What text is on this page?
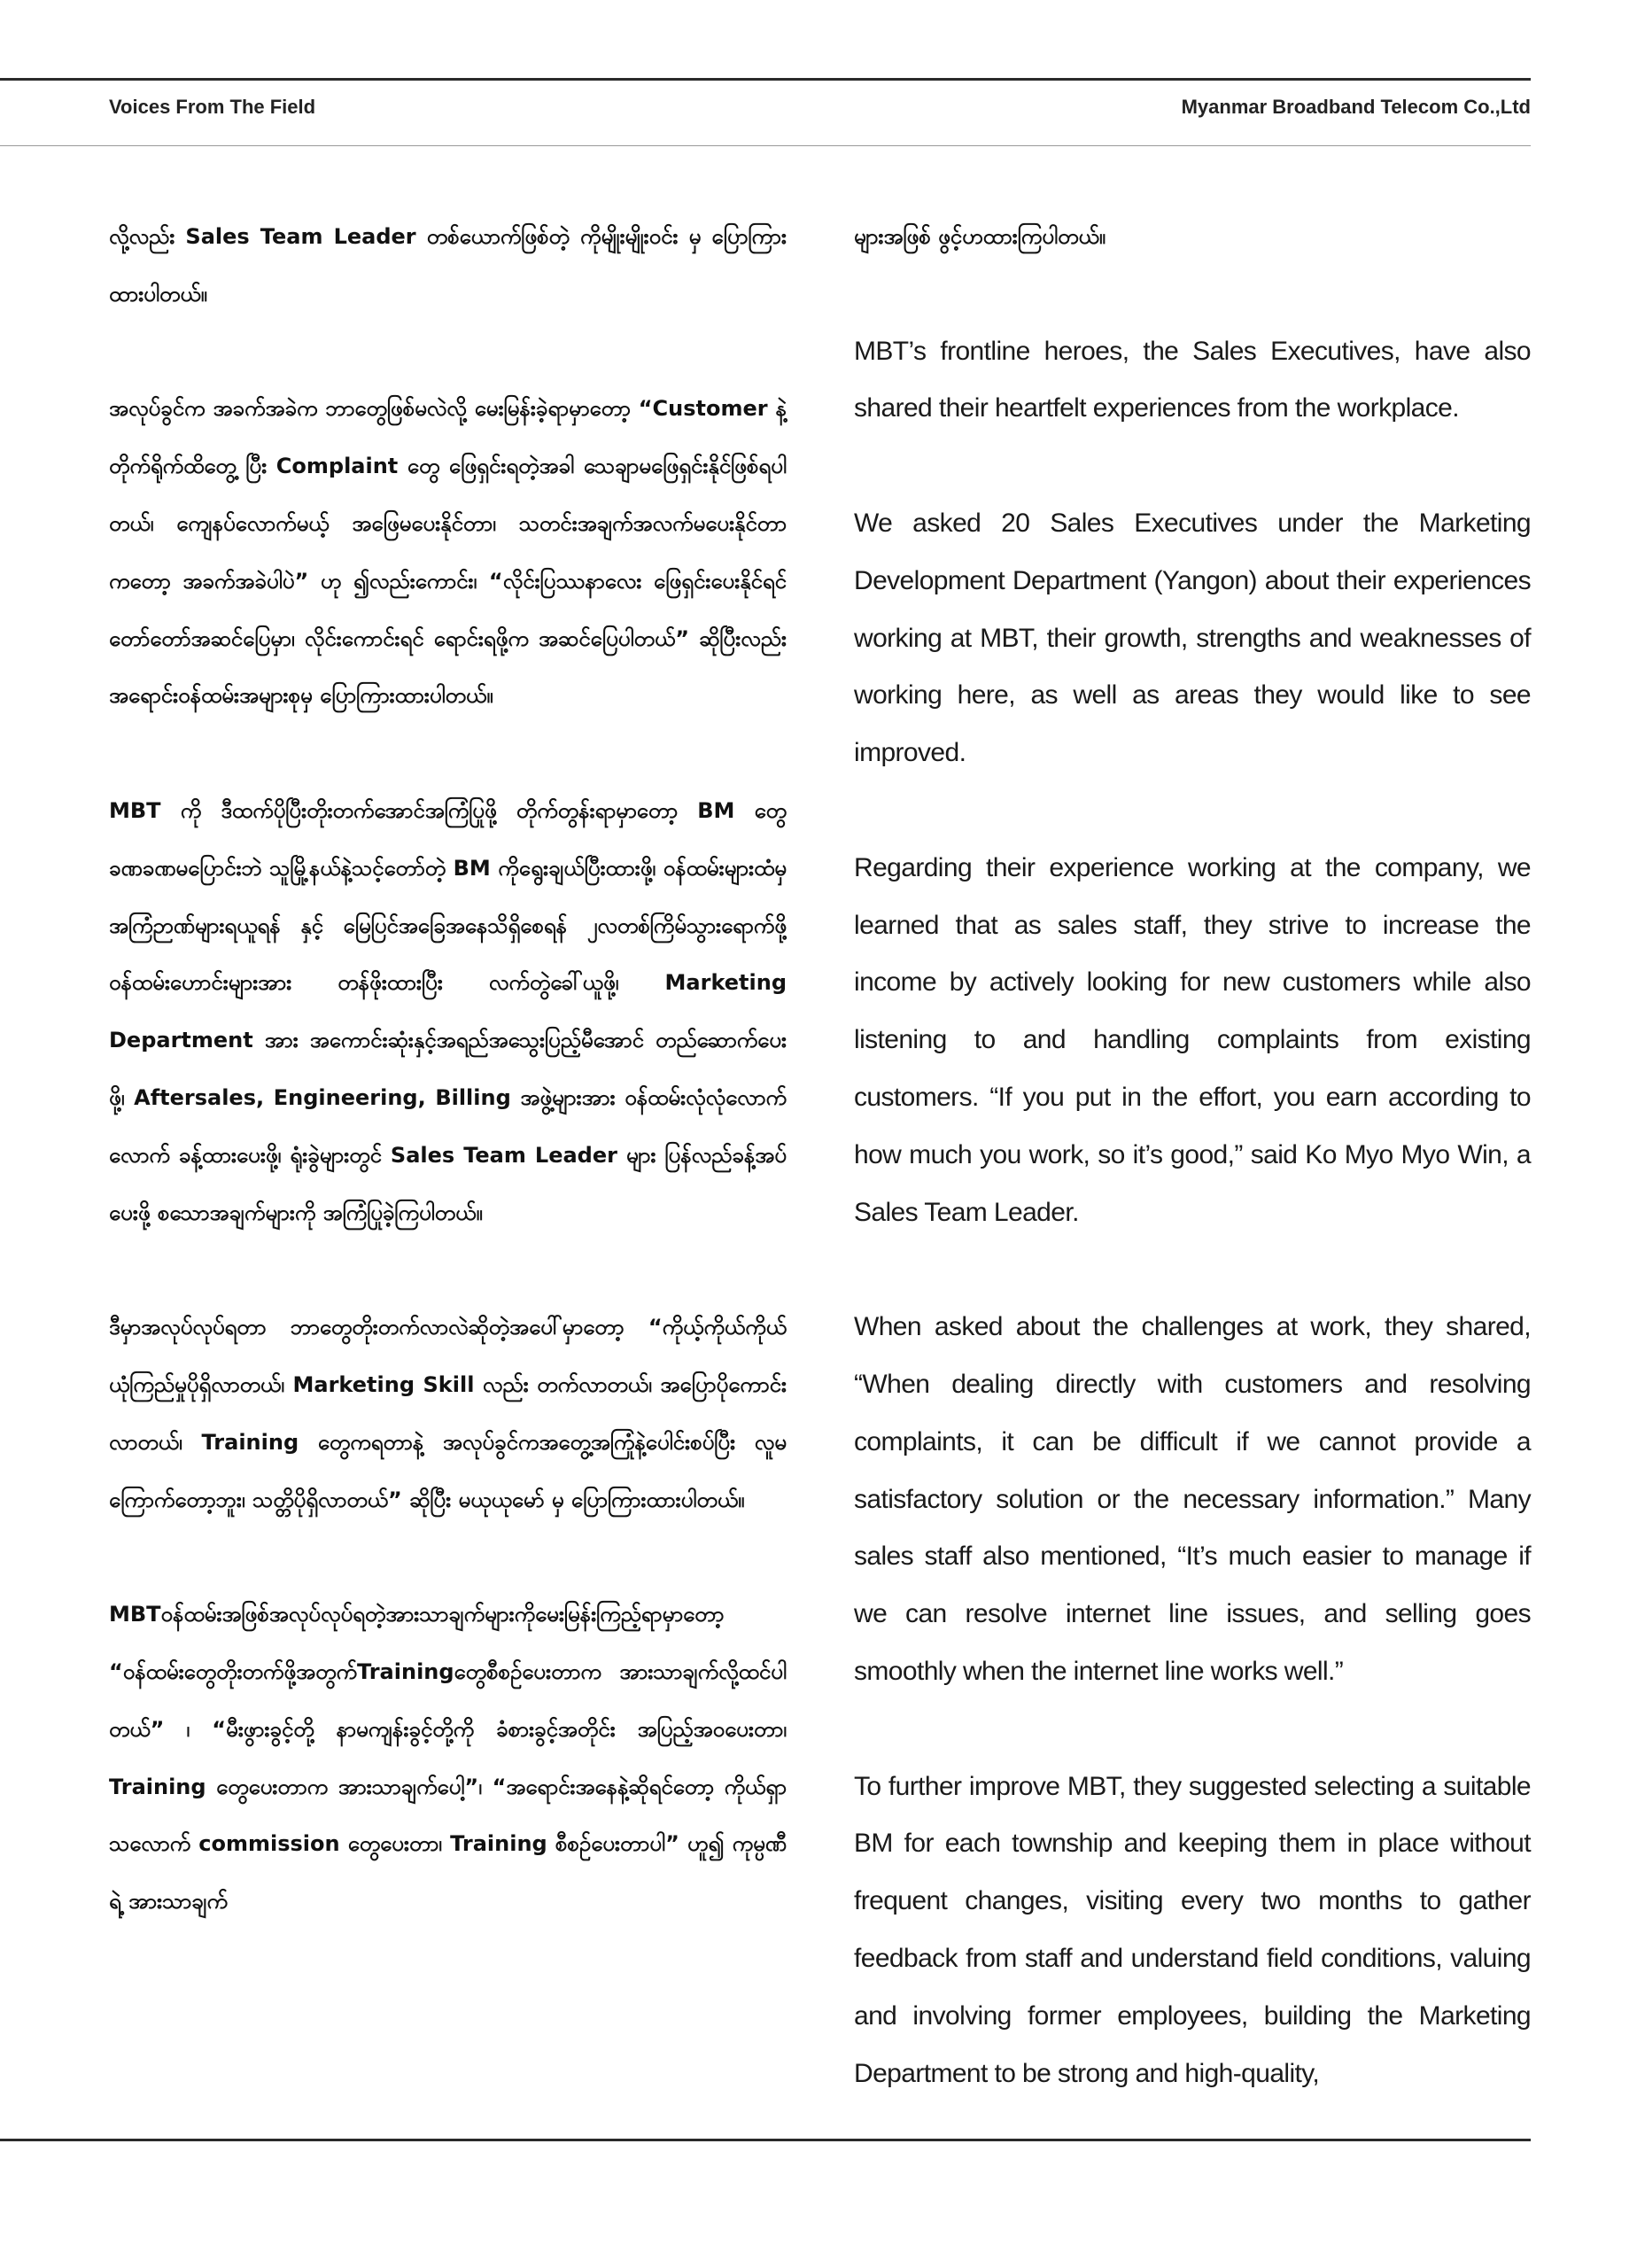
Voices From The Field	Myanmar Broadband Telecom Co.,Ltd

လို့လည်း Sales Team Leader တစ်ယောက်ဖြစ်တဲ့ ကိုမျိုးမျိုးဝင်း မှ ပြောကြားထားပါတယ်။

အလုပ်ခွင်က အခက်အခဲက ဘာတွေဖြစ်မလဲလို့ မေးမြန်းခဲ့ရာမှာတော့ “Customer နဲ့ တိုက်ရိုက်ထိတွေ့ ပြီး Complaint တွေ ဖြေရှင်းရတဲ့အခါ သေချာမဖြေရှင်းနိုင်ဖြစ်ရပါတယ်၊ ကျေနပ်လောက်မယ့် အဖြေမပေးနိုင်တာ၊ သတင်းအချက်အလက်မပေးနိုင်တာကတော့ အခက်အခဲပါပဲ” ဟု ၍လည်းကောင်း၊ “လိုင်းပြဿနာလေး ဖြေရှင်းပေးနိုင်ရင် တော်တော်အဆင်ပြေမှာ၊ လိုင်းကောင်းရင် ရောင်းရဖို့က အဆင်ပြေပါတယ်” ဆိုပြီးလည်း အရောင်းဝန်ထမ်းအများစုမှ ပြောကြားထားပါတယ်။

MBT ကို ဒီထက်ပိုပြီးတိုးတက်အောင်အကြံပြုဖို့ တိုက်တွန်းရာမှာတော့ BM တွေခဏခဏမပြောင်းဘဲ သူမြို့နယ်နဲ့သင့်တော်တဲ့ BM ကိုရွေးချယ်ပြီးထားဖို့၊ ဝန်ထမ်းများထံမှ အကြံဉာဏ်များရယူရန် နှင့် မြေပြင်အခြေအနေသိရှိစေရန် ၂လတစ်ကြိမ်သွားရောက်ဖို့ ဝန်ထမ်းဟောင်းများအား တန်ဖိုးထားပြီး လက်တွဲခေါ်ယူဖို့၊ Marketing Department အား အကောင်းဆုံးနှင့်အရည်အသွေးပြည့်မီအောင် တည်ဆောက်ပေးဖို့၊ Aftersales, Engineering, Billing အဖွဲ့များအား ဝန်ထမ်းလုံလုံလောက်လောက် ခန့်ထားပေးဖို့၊ ရုံးခွဲများတွင် Sales Team Leader များ ပြန်လည်ခန့်အပ်ပေးဖို့ စသောအချက်များကို အကြံပြုခဲ့ကြပါတယ်။

ဒီမှာအလုပ်လုပ်ရတာ ဘာတွေတိုးတက်လာလဲဆိုတဲ့အပေါ်မှာတော့ “ကိုယ့်ကိုယ်ကိုယ် ယုံကြည်မှုပိုရှိလာတယ်၊ Marketing Skill လည်း တက်လာတယ်၊ အပြောပိုကောင်းလာတယ်၊ Training တွေကရတာနဲ့ အလုပ်ခွင်ကအတွေ့အကြုံနဲ့ပေါင်းစပ်ပြီး လူမကြောက်တော့ဘူး၊ သတ္တိပိုရှိလာတယ်” ဆိုပြီး မယုယုမော် မှ ပြောကြားထားပါတယ်။

MBTဝန်ထမ်းအဖြစ်အလုပ်လုပ်ရတဲ့အားသာချက်များကိုမေးမြန်းကြည့်ရာမှာတော့ “ဝန်ထမ်းတွေတိုးတက်ဖို့အတွက်Trainingတွေစီစဉ်ပေးတာက အားသာချက်လို့ထင်ပါတယ်” ၊ “မီးဖွားခွင့်တို့ နာမကျန်းခွင့်တို့ကို ခံစားခွင့်အတိုင်း အပြည့်အဝပေးတာ၊ Training တွေပေးတာက အားသာချက်ပေါ့”၊ “အရောင်းအနေနဲ့ဆိုရင်တော့ ကိုယ်ရှာသလောက် commission တွေပေးတာ၊ Training စီစဉ်ပေးတာပါ” ဟူ၍ ကုမ္ပဏီရဲ့ အားသာချက်

များအဖြစ် ဖွင့်ဟထားကြပါတယ်။

MBT’s frontline heroes, the Sales Executives, have also shared their heartfelt experiences from the workplace.

We asked 20 Sales Executives under the Marketing Development Department (Yangon) about their experiences working at MBT, their growth, strengths and weaknesses of working here, as well as areas they would like to see improved.

Regarding their experience working at the company, we learned that as sales staff, they strive to increase the income by actively looking for new customers while also listening to and handling complaints from existing customers. “If you put in the effort, you earn according to how much you work, so it’s good,” said Ko Myo Myo Win, a Sales Team Leader.

When asked about the challenges at work, they shared, “When dealing directly with customers and resolving complaints, it can be difficult if we cannot provide a satisfactory solution or the necessary information.” Many sales staff also mentioned, “It’s much easier to manage if we can resolve internet line issues, and selling goes smoothly when the internet line works well.”

To further improve MBT, they suggested selecting a suitable BM for each township and keeping them in place without frequent changes, visiting every two months to gather feedback from staff and understand field conditions, valuing and involving former employees, building the Marketing Department to be strong and high-quality,
